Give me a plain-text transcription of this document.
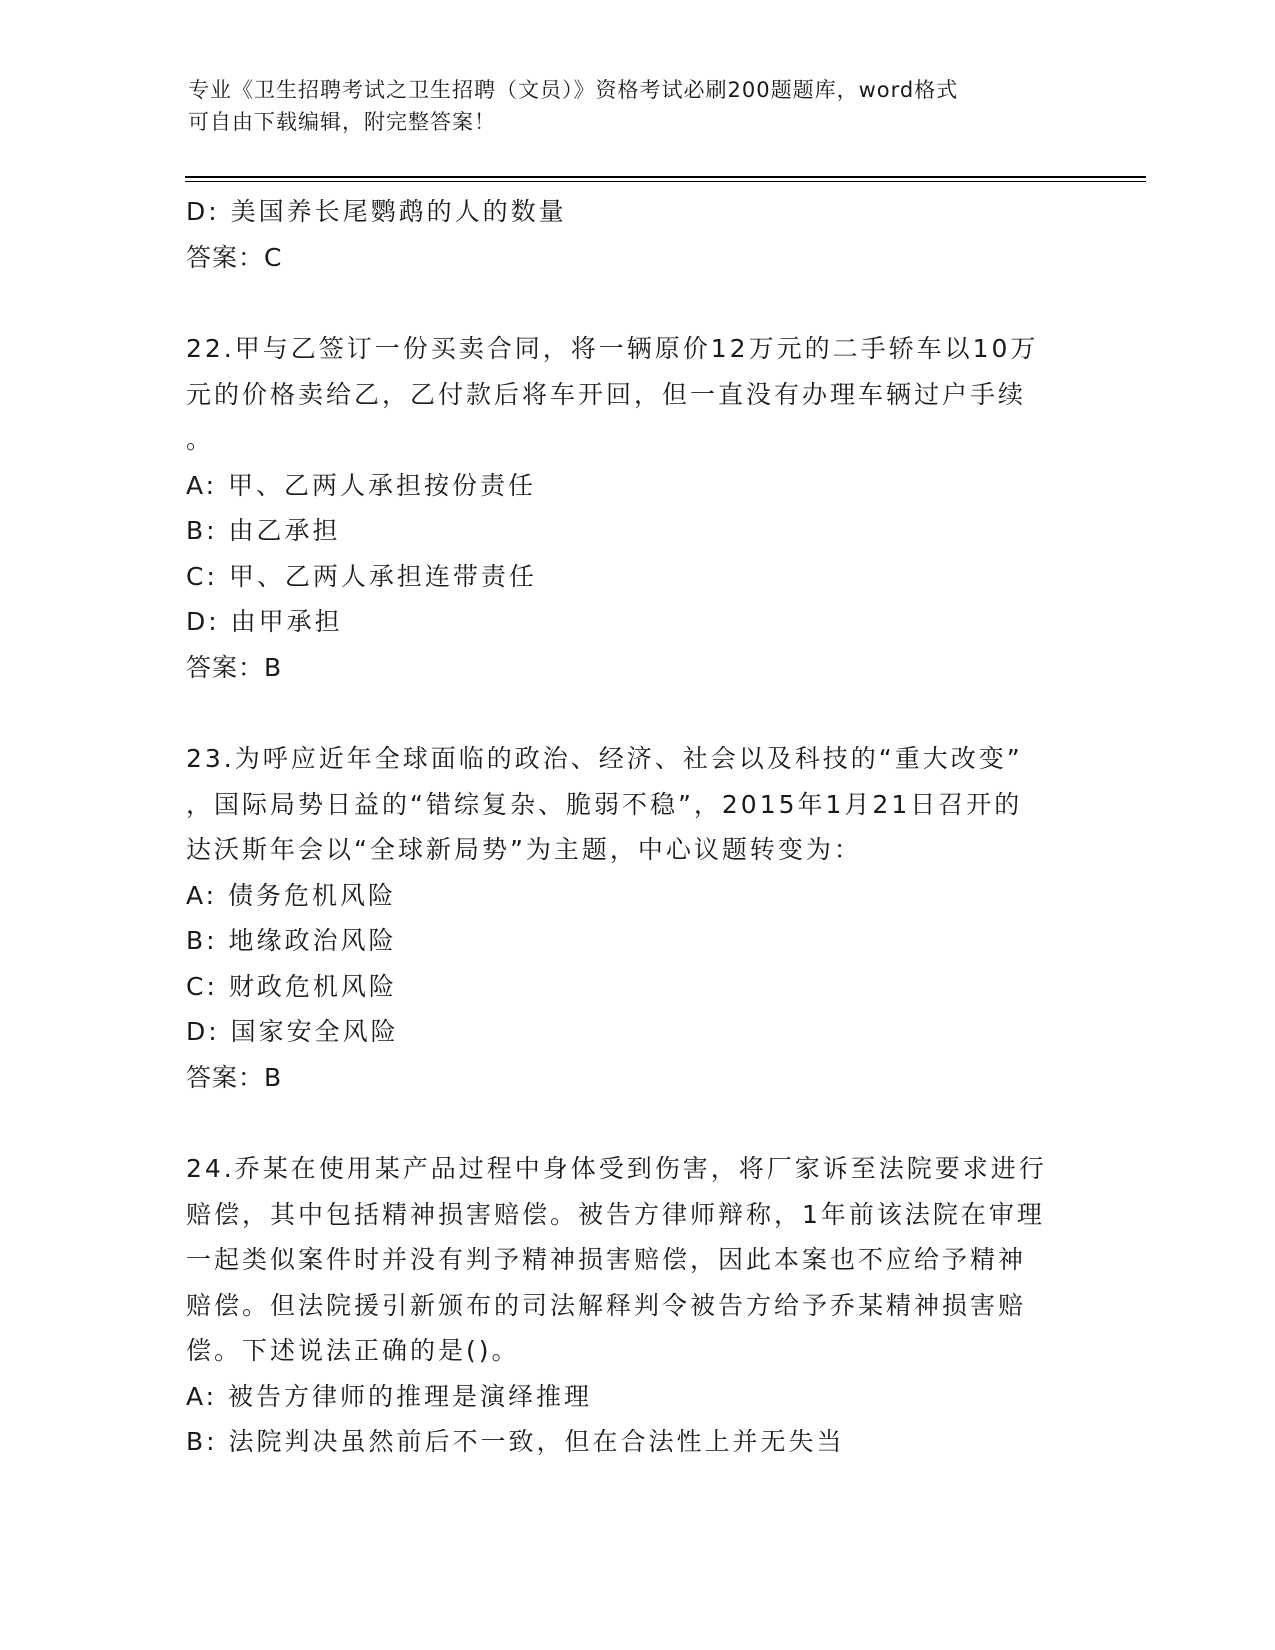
专业《卫生招聘考试之卫生招聘（文员）》资格考试必刷200题题库，word格式
可自由下载编辑，附完整答案！
D: 美国养长尾鹦鹉的人的数量
答案：C
22.甲与乙签订一份买卖合同，将一辆原价12万元的二手轿车以10万
元的价格卖给乙，乙付款后将车开回，但一直没有办理车辆过户手续
。
A: 甲、乙两人承担按份责任
B: 由乙承担
C: 甲、乙两人承担连带责任
D: 由甲承担
答案：B
23.为呼应近年全球面临的政治、经济、社会以及科技的“重大改变”
，国际局势日益的“错综复杂、脆弱不稳”，2015年1月21日召开的
达沃斯年会以“全球新局势”为主题，中心议题转变为：
A: 债务危机风险
B: 地缘政治风险
C: 财政危机风险
D: 国家安全风险
答案：B
24.乔某在使用某产品过程中身体受到伤害，将厂家诉至法院要求进行
赔偿，其中包括精神损害赔偿。被告方律师辩称，1年前该法院在审理
一起类似案件时并没有判予精神损害赔偿，因此本案也不应给予精神
赔偿。但法院援引新颁布的司法解释判令被告方给予乔某精神损害赔
偿。下述说法正确的是()。
A: 被告方律师的推理是演绎推理
B: 法院判决虽然前后不一致，但在合法性上并无失当
